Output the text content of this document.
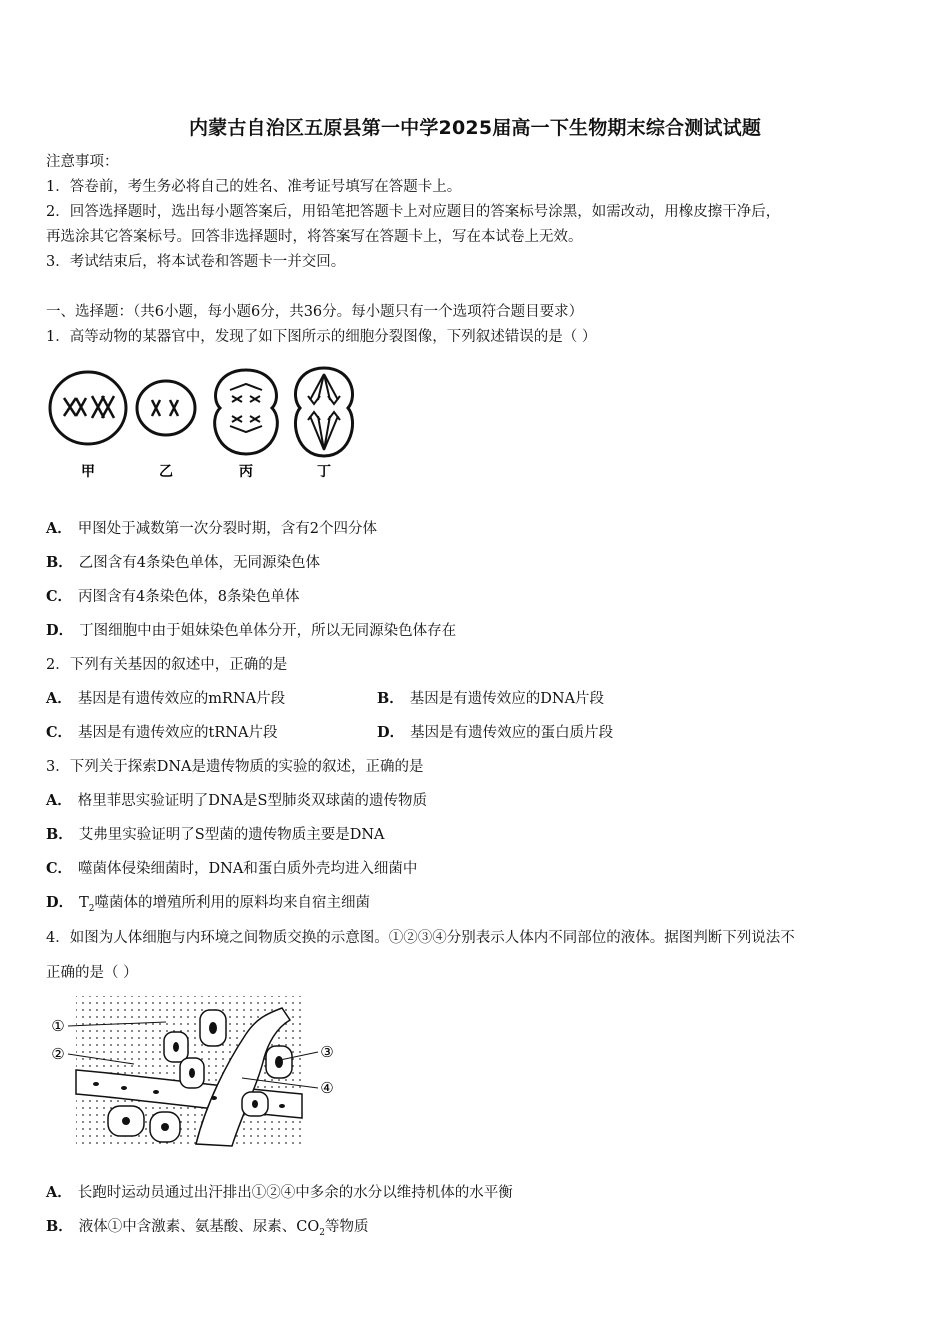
内蒙古自治区五原县第一中学2025届高一下生物期末综合测试试题
注意事项：
1．答卷前，考生务必将自己的姓名、准考证号填写在答题卡上。
2．回答选择题时，选出每小题答案后，用铅笔把答题卡上对应题目的答案标号涂黑，如需改动，用橡皮擦干净后，
再选涂其它答案标号。回答非选择题时，将答案写在答题卡上，写在本试卷上无效。
3．考试结束后，将本试卷和答题卡一并交回。
一、选择题：（共6小题，每小题6分，共36分。每小题只有一个选项符合题目要求）
1．高等动物的某器官中，发现了如下图所示的细胞分裂图像，下列叙述错误的是（ ）
甲	乙	丙	丁
A． 甲图处于减数第一次分裂时期，含有2个四分体
B． 乙图含有4条染色单体，无同源染色体
C． 丙图含有4条染色体，8条染色单体
D． 丁图细胞中由于姐妹染色单体分开，所以无同源染色体存在
2．下列有关基因的叙述中，正确的是
A． 基因是有遗传效应的mRNA片段	B． 基因是有遗传效应的DNA片段
C． 基因是有遗传效应的tRNA片段	D． 基因是有遗传效应的蛋白质片段
3．下列关于探索DNA是遗传物质的实验的叙述，正确的是
A． 格里菲思实验证明了DNA是S型肺炎双球菌的遗传物质
B． 艾弗里实验证明了S型菌的遗传物质主要是DNA
C． 噬菌体侵染细菌时，DNA和蛋白质外壳均进入细菌中
D． $T_2$噬菌体的增殖所利用的原料均来自宿主细菌
4．如图为人体细胞与内环境之间物质交换的示意图。①②③④分别表示人体内不同部位的液体。据图判断下列说法不
正确的是（ ）
①
②	③
④
A． 长跑时运动员通过出汗排出①②④中多余的水分以维持机体的水平衡
B． 液体①中含激素、氨基酸、尿素、$CO_2$等物质
